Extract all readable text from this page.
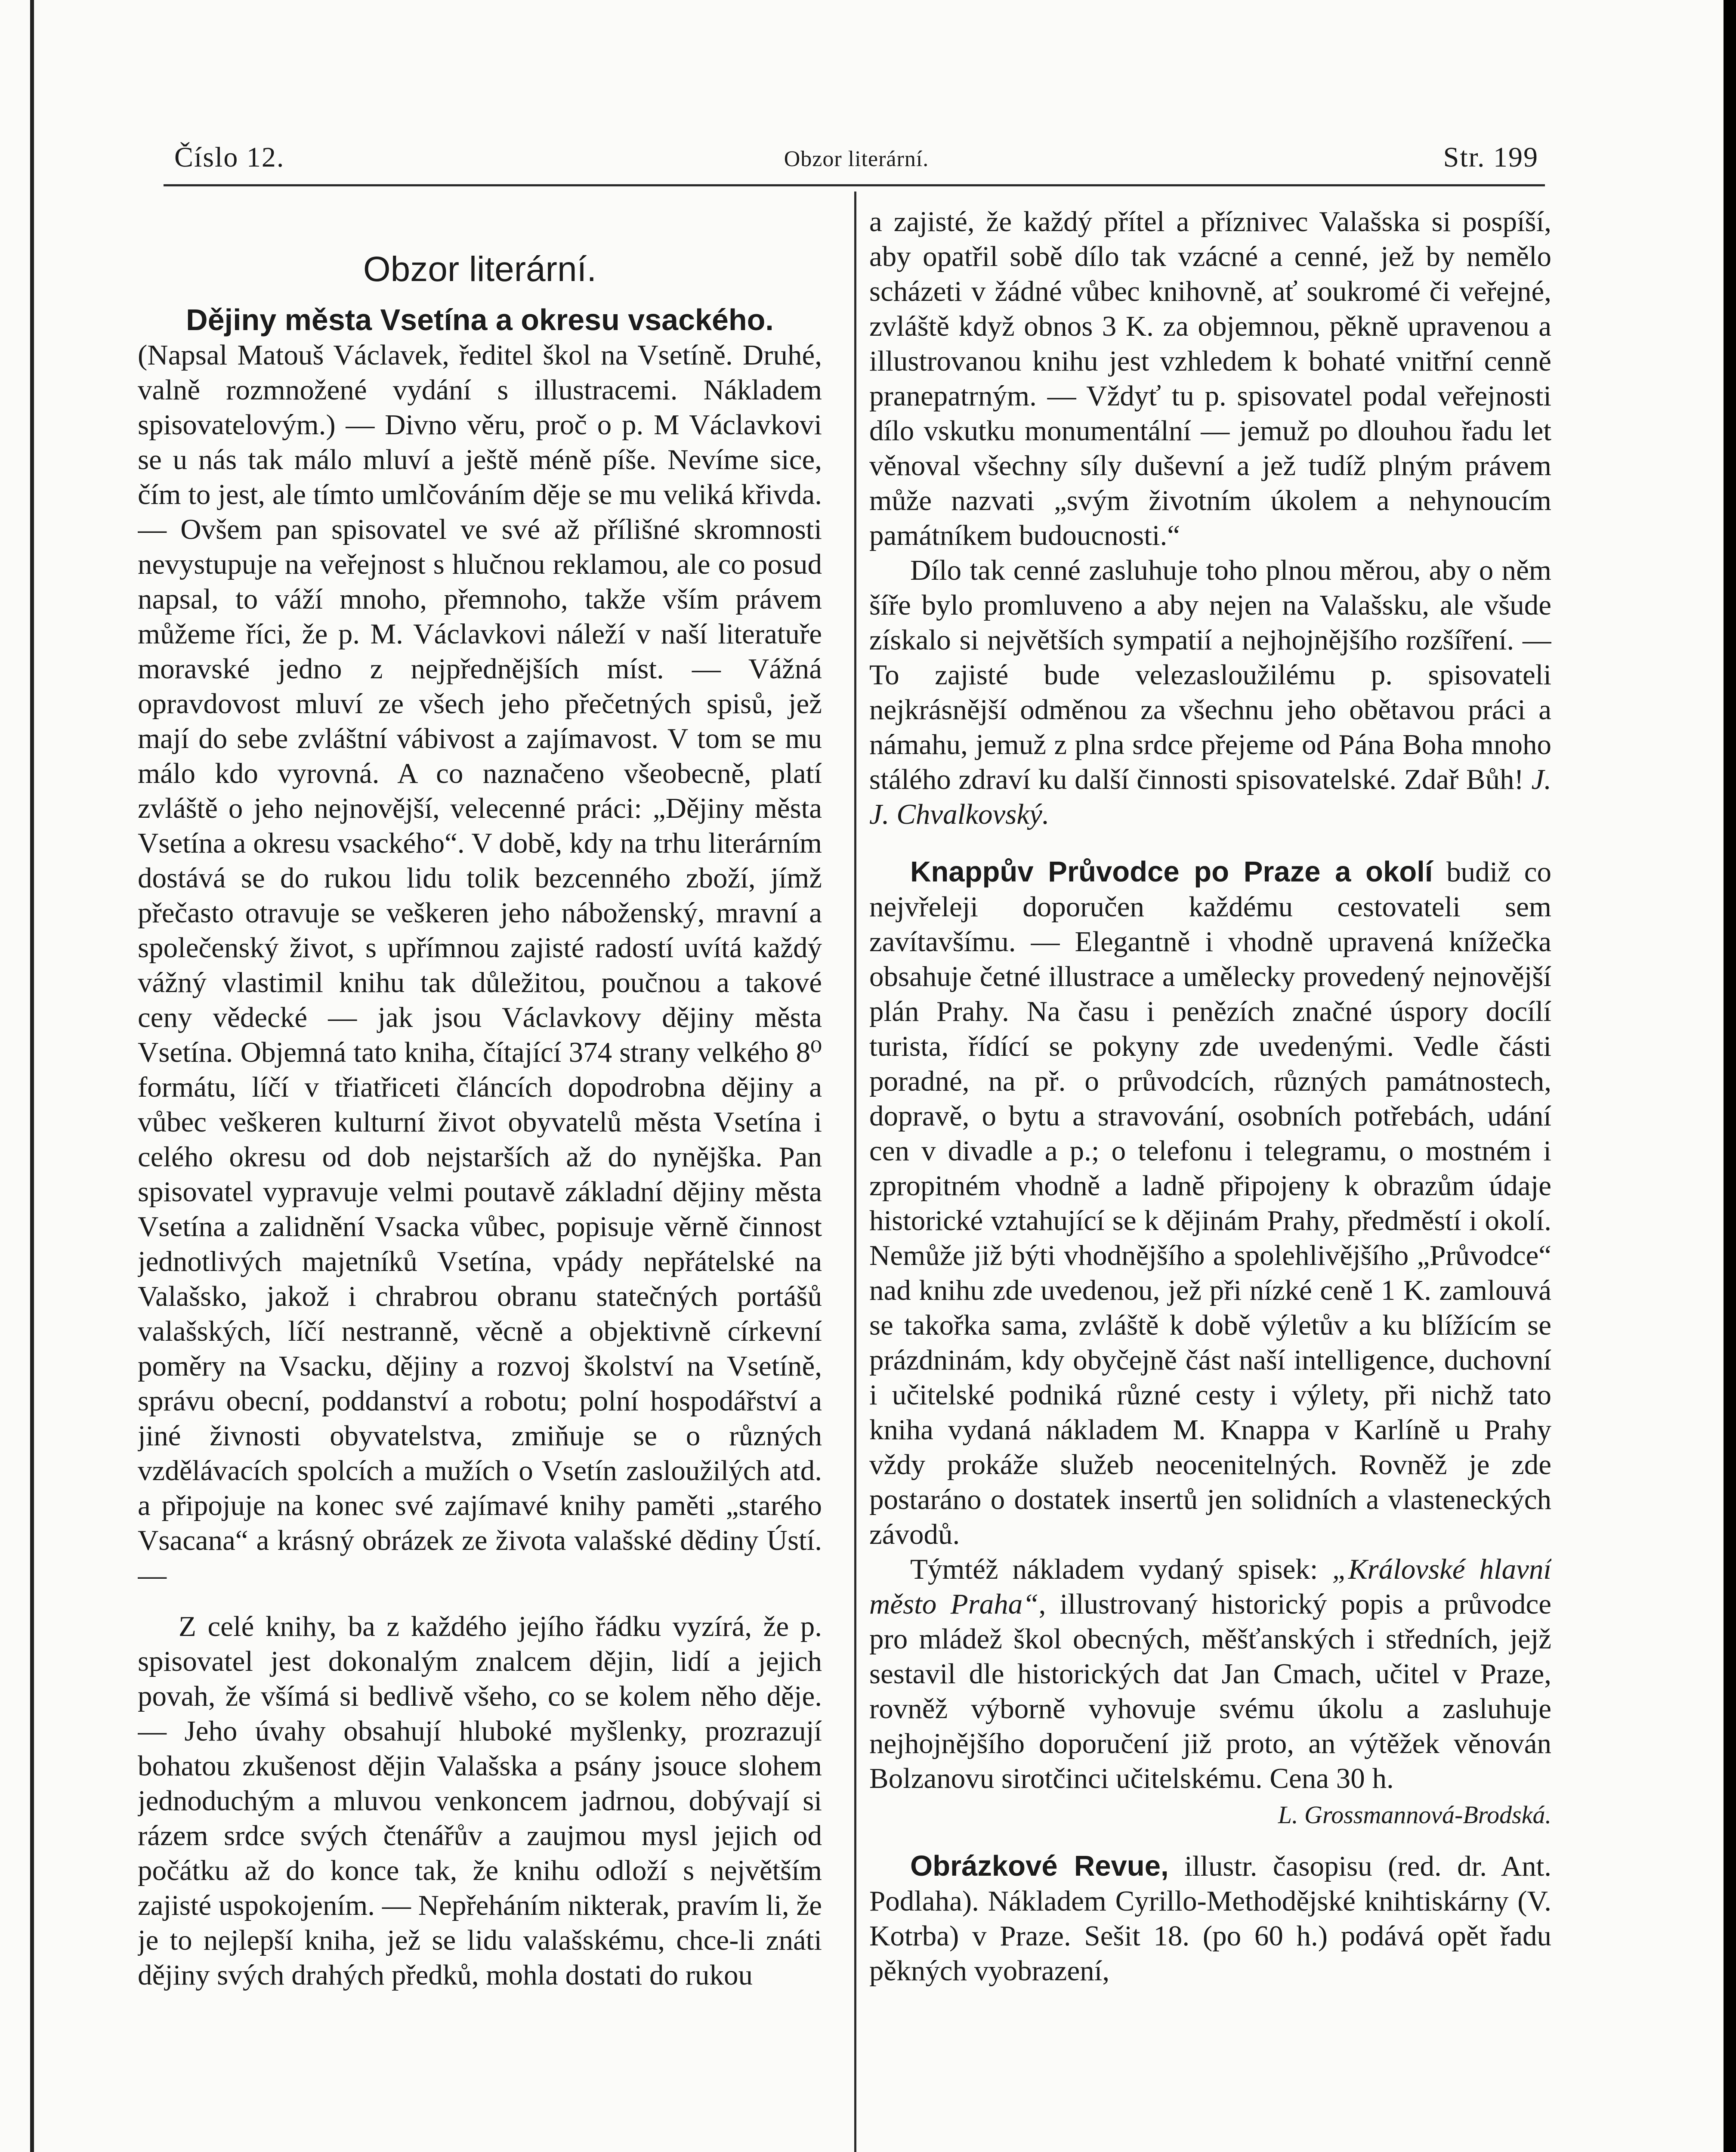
Číslo 12.	Obzor literární.	Str. 199
Obzor literární.
Dějiny města Vsetína a okresu vsackého.

(Napsal Matouš Václavek, ředitel škol na Vsetíně. Druhé, valně rozmnožené vydání s illustracemi. Nákladem spisovatelovým.) — Divno věru, proč o p. M Václavkovi se u nás tak málo mluví a ještě méně píše. Nevíme sice, čím to jest, ale tímto umlčováním děje se mu veliká křivda. — Ovšem pan spisovatel ve své až přílišné skromnosti nevystupuje na veřejnost s hlučnou reklamou, ale co posud napsal, to váží mnoho, přemnoho, takže vším právem můžeme říci, že p. M. Václavkovi náleží v naší literatuře moravské jedno z nejpřednějších míst. — Vážná opravdovost mluví ze všech jeho přečetných spisů, jež mají do sebe zvláštní vábivost a zajímavost. V tom se mu málo kdo vyrovná. A co naznačeno všeobecně, platí zvláště o jeho nejnovější, velecenné práci: „Dějiny města Vsetína a okresu vsackého“. V době, kdy na trhu literárním dostává se do rukou lidu tolik bezcenného zboží, jímž přečasto otravuje se veškeren jeho náboženský, mravní a společenský život, s upřímnou zajisté radostí uvítá každý vážný vlastimil knihu tak důležitou, poučnou a takové ceny vědecké — jak jsou Václavkovy dějiny města Vsetína. Objemná tato kniha, čítající 374 strany velkého 8⁰ formátu, líčí v třiatřiceti článcích dopodrobna dějiny a vůbec veškeren kulturní život obyvatelů města Vsetína i celého okresu od dob nejstarších až do nynějška. Pan spisovatel vypravuje velmi poutavě základní dějiny města Vsetína a zalidnění Vsacka vůbec, popisuje věrně činnost jednotlivých majetníků Vsetína, vpády nepřátelské na Valašsko, jakož i chrabrou obranu statečných portášů valašských, líčí nestranně, věcně a objektivně církevní poměry na Vsacku, dějiny a rozvoj školství na Vsetíně, správu obecní, poddanství a robotu; polní hospodářství a jiné živnosti obyvatelstva, zmiňuje se o různých vzdělávacích spolcích a mužích o Vsetín zasloužilých atd. a připojuje na konec své zajímavé knihy paměti „starého Vsacana“ a krásný obrázek ze života valašské dědiny Ústí. —

Z celé knihy, ba z každého jejího řádku vyzírá, že p. spisovatel jest dokonalým znalcem dějin, lidí a jejich povah, že všímá si bedlivě všeho, co se kolem něho děje. — Jeho úvahy obsahují hluboké myšlenky, prozrazují bohatou zkušenost dějin Valašska a psány jsouce slohem jednoduchým a mluvou venkoncem jadrnou, dobývají si rázem srdce svých čtenářův a zaujmou mysl jejich od počátku až do konce tak, že knihu odloží s největším zajisté uspokojením. — Nepřeháním nikterak, pravím li, že je to nejlepší kniha, jež se lidu valašskému, chce-li znáti dějiny svých drahých předků, mohla dostati do rukou

a zajisté, že každý přítel a příznivec Valašska si pospíší, aby opatřil sobě dílo tak vzácné a cenné, jež by nemělo scházeti v žádné vůbec knihovně, ať soukromé či veřejné, zvláště když obnos 3 K. za objemnou, pěkně upravenou a illustrovanou knihu jest vzhledem k bohaté vnitřní cenně pranepatrným. — Vždyť tu p. spisovatel podal veřejnosti dílo vskutku monumentální — jemuž po dlouhou řadu let věnoval všechny síly duševní a jež tudíž plným právem může nazvati „svým životním úkolem a nehynoucím památníkem budoucnosti.“

Dílo tak cenné zasluhuje toho plnou měrou, aby o něm šíře bylo promluveno a aby nejen na Valašsku, ale všude získalo si největších sympatií a nejhojnějšího rozšíření. — To zajisté bude velezasloužilému p. spisovateli nejkrásnější odměnou za všechnu jeho obětavou práci a námahu, jemuž z plna srdce přejeme od Pána Boha mnoho stálého zdraví ku další činnosti spisovatelské. Zdař Bůh! J. J. Chvalkovský.

Knappův Průvodce po Praze a okolí budiž co nejvřeleji doporučen každému cestovateli sem zavítavšímu. — Elegantně i vhodně upravená knížečka obsahuje četné illustrace a umělecky provedený nejnovější plán Prahy. Na času i penězích značné úspory docílí turista, řídící se pokyny zde uvedenými. Vedle části poradné, na př. o průvodcích, různých památnostech, dopravě, o bytu a stravování, osobních potřebách, udání cen v divadle a p.; o telefonu i telegramu, o mostném i zpropitném vhodně a ladně připojeny k obrazům údaje historické vztahující se k dějinám Prahy, předměstí i okolí. Nemůže již býti vhodnějšího a spolehlivějšího „Průvodce“ nad knihu zde uvedenou, jež při nízké ceně 1 K. zamlouvá se takořka sama, zvláště k době výletův a ku blížícím se prázdninám, kdy obyčejně část naší intelligence, duchovní i učitelské podniká různé cesty i výlety, při nichž tato kniha vydaná nákladem M. Knappa v Karlíně u Prahy vždy prokáže služeb neocenitelných. Rovněž je zde postaráno o dostatek insertů jen solidních a vlasteneckých závodů.

Týmtéž nákladem vydaný spisek: „Královské hlavní město Praha“, illustrovaný historický popis a průvodce pro mládež škol obecných, měšťanských i středních, jejž sestavil dle historických dat Jan Cmach, učitel v Praze, rovněž výborně vyhovuje svému úkolu a zasluhuje nejhojnějšího doporučení již proto, an výtěžek věnován Bolzanovu sirotčinci učitelskému. Cena 30 h.

L. Grossmannová-Brodská.

Obrázkové Revue, illustr. časopisu (red. dr. Ant. Podlaha). Nákladem Cyrillo-Methodějské knihtiskárny (V. Kotrba) v Praze. Sešit 18. (po 60 h.) podává opět řadu pěkných vyobrazení,
